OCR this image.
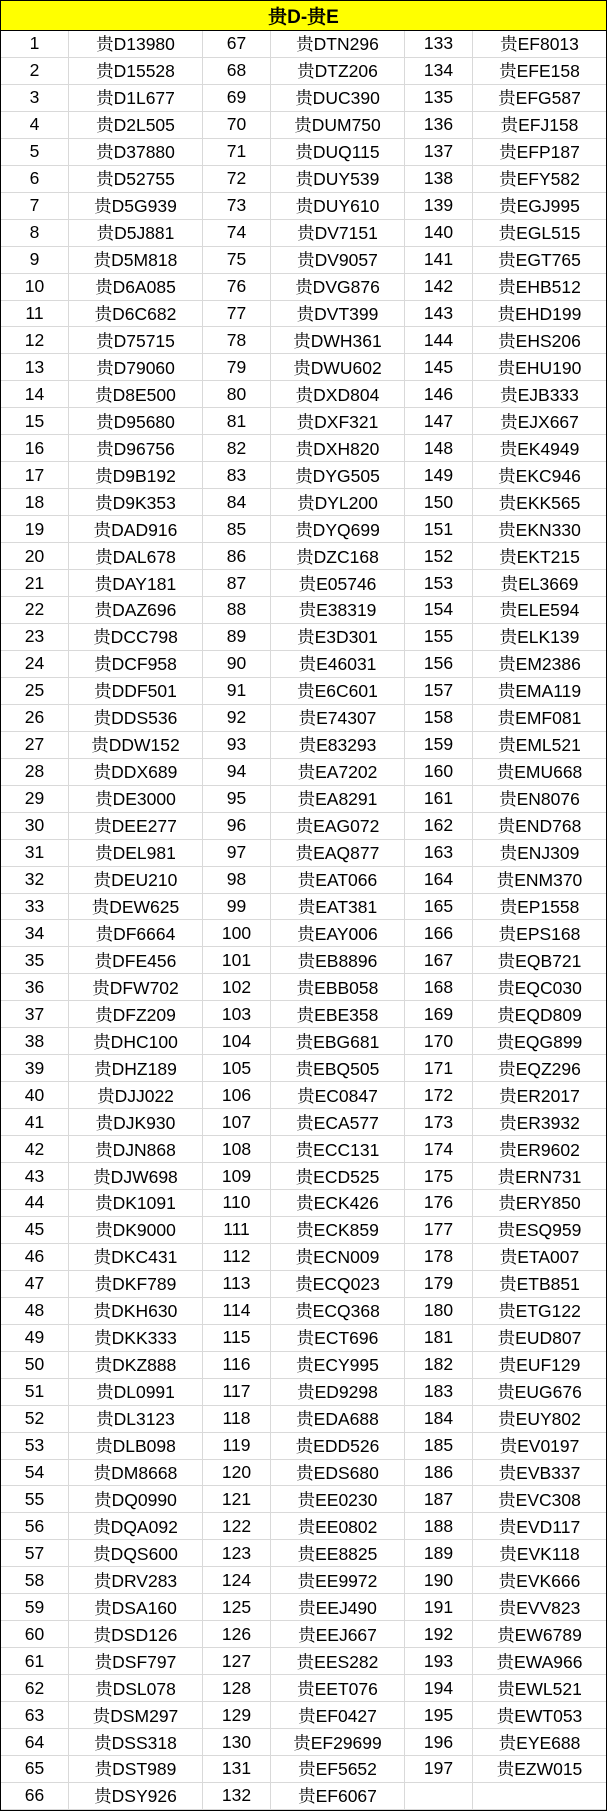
贵D-贵E
1	贵D13980	67	贵DTN296	133	贵EF8013
2	贵D15528	68	贵DTZ206	134	贵EFE158
3	贵D1L677	69	贵DUC390	135	贵EFG587
4	贵D2L505	70	贵DUM750	136	贵EFJ158
5	贵D37880	71	贵DUQ115	137	贵EFP187
6	贵D52755	72	贵DUY539	138	贵EFY582
7	贵D5G939	73	贵DUY610	139	贵EGJ995
8	贵D5J881	74	贵DV7151	140	贵EGL515
9	贵D5M818	75	贵DV9057	141	贵EGT765
10	贵D6A085	76	贵DVG876	142	贵EHB512
11	贵D6C682	77	贵DVT399	143	贵EHD199
12	贵D75715	78	贵DWH361	144	贵EHS206
13	贵D79060	79	贵DWU602	145	贵EHU190
14	贵D8E500	80	贵DXD804	146	贵EJB333
15	贵D95680	81	贵DXF321	147	贵EJX667
16	贵D96756	82	贵DXH820	148	贵EK4949
17	贵D9B192	83	贵DYG505	149	贵EKC946
18	贵D9K353	84	贵DYL200	150	贵EKK565
19	贵DAD916	85	贵DYQ699	151	贵EKN330
20	贵DAL678	86	贵DZC168	152	贵EKT215
21	贵DAY181	87	贵E05746	153	贵EL3669
22	贵DAZ696	88	贵E38319	154	贵ELE594
23	贵DCC798	89	贵E3D301	155	贵ELK139
24	贵DCF958	90	贵E46031	156	贵EM2386
25	贵DDF501	91	贵E6C601	157	贵EMA119
26	贵DDS536	92	贵E74307	158	贵EMF081
27	贵DDW152	93	贵E83293	159	贵EML521
28	贵DDX689	94	贵EA7202	160	贵EMU668
29	贵DE3000	95	贵EA8291	161	贵EN8076
30	贵DEE277	96	贵EAG072	162	贵END768
31	贵DEL981	97	贵EAQ877	163	贵ENJ309
32	贵DEU210	98	贵EAT066	164	贵ENM370
33	贵DEW625	99	贵EAT381	165	贵EP1558
34	贵DF6664	100	贵EAY006	166	贵EPS168
35	贵DFE456	101	贵EB8896	167	贵EQB721
36	贵DFW702	102	贵EBB058	168	贵EQC030
37	贵DFZ209	103	贵EBE358	169	贵EQD809
38	贵DHC100	104	贵EBG681	170	贵EQG899
39	贵DHZ189	105	贵EBQ505	171	贵EQZ296
40	贵DJJ022	106	贵EC0847	172	贵ER2017
41	贵DJK930	107	贵ECA577	173	贵ER3932
42	贵DJN868	108	贵ECC131	174	贵ER9602
43	贵DJW698	109	贵ECD525	175	贵ERN731
44	贵DK1091	110	贵ECK426	176	贵ERY850
45	贵DK9000	111	贵ECK859	177	贵ESQ959
46	贵DKC431	112	贵ECN009	178	贵ETA007
47	贵DKF789	113	贵ECQ023	179	贵ETB851
48	贵DKH630	114	贵ECQ368	180	贵ETG122
49	贵DKK333	115	贵ECT696	181	贵EUD807
50	贵DKZ888	116	贵ECY995	182	贵EUF129
51	贵DL0991	117	贵ED9298	183	贵EUG676
52	贵DL3123	118	贵EDA688	184	贵EUY802
53	贵DLB098	119	贵EDD526	185	贵EV0197
54	贵DM8668	120	贵EDS680	186	贵EVB337
55	贵DQ0990	121	贵EE0230	187	贵EVC308
56	贵DQA092	122	贵EE0802	188	贵EVD117
57	贵DQS600	123	贵EE8825	189	贵EVK118
58	贵DRV283	124	贵EE9972	190	贵EVK666
59	贵DSA160	125	贵EEJ490	191	贵EVV823
60	贵DSD126	126	贵EEJ667	192	贵EW6789
61	贵DSF797	127	贵EES282	193	贵EWA966
62	贵DSL078	128	贵EET076	194	贵EWL521
63	贵DSM297	129	贵EF0427	195	贵EWT053
64	贵DSS318	130	贵EF29699	196	贵EYE688
65	贵DST989	131	贵EF5652	197	贵EZW015
66	贵DSY926	132	贵EF6067
